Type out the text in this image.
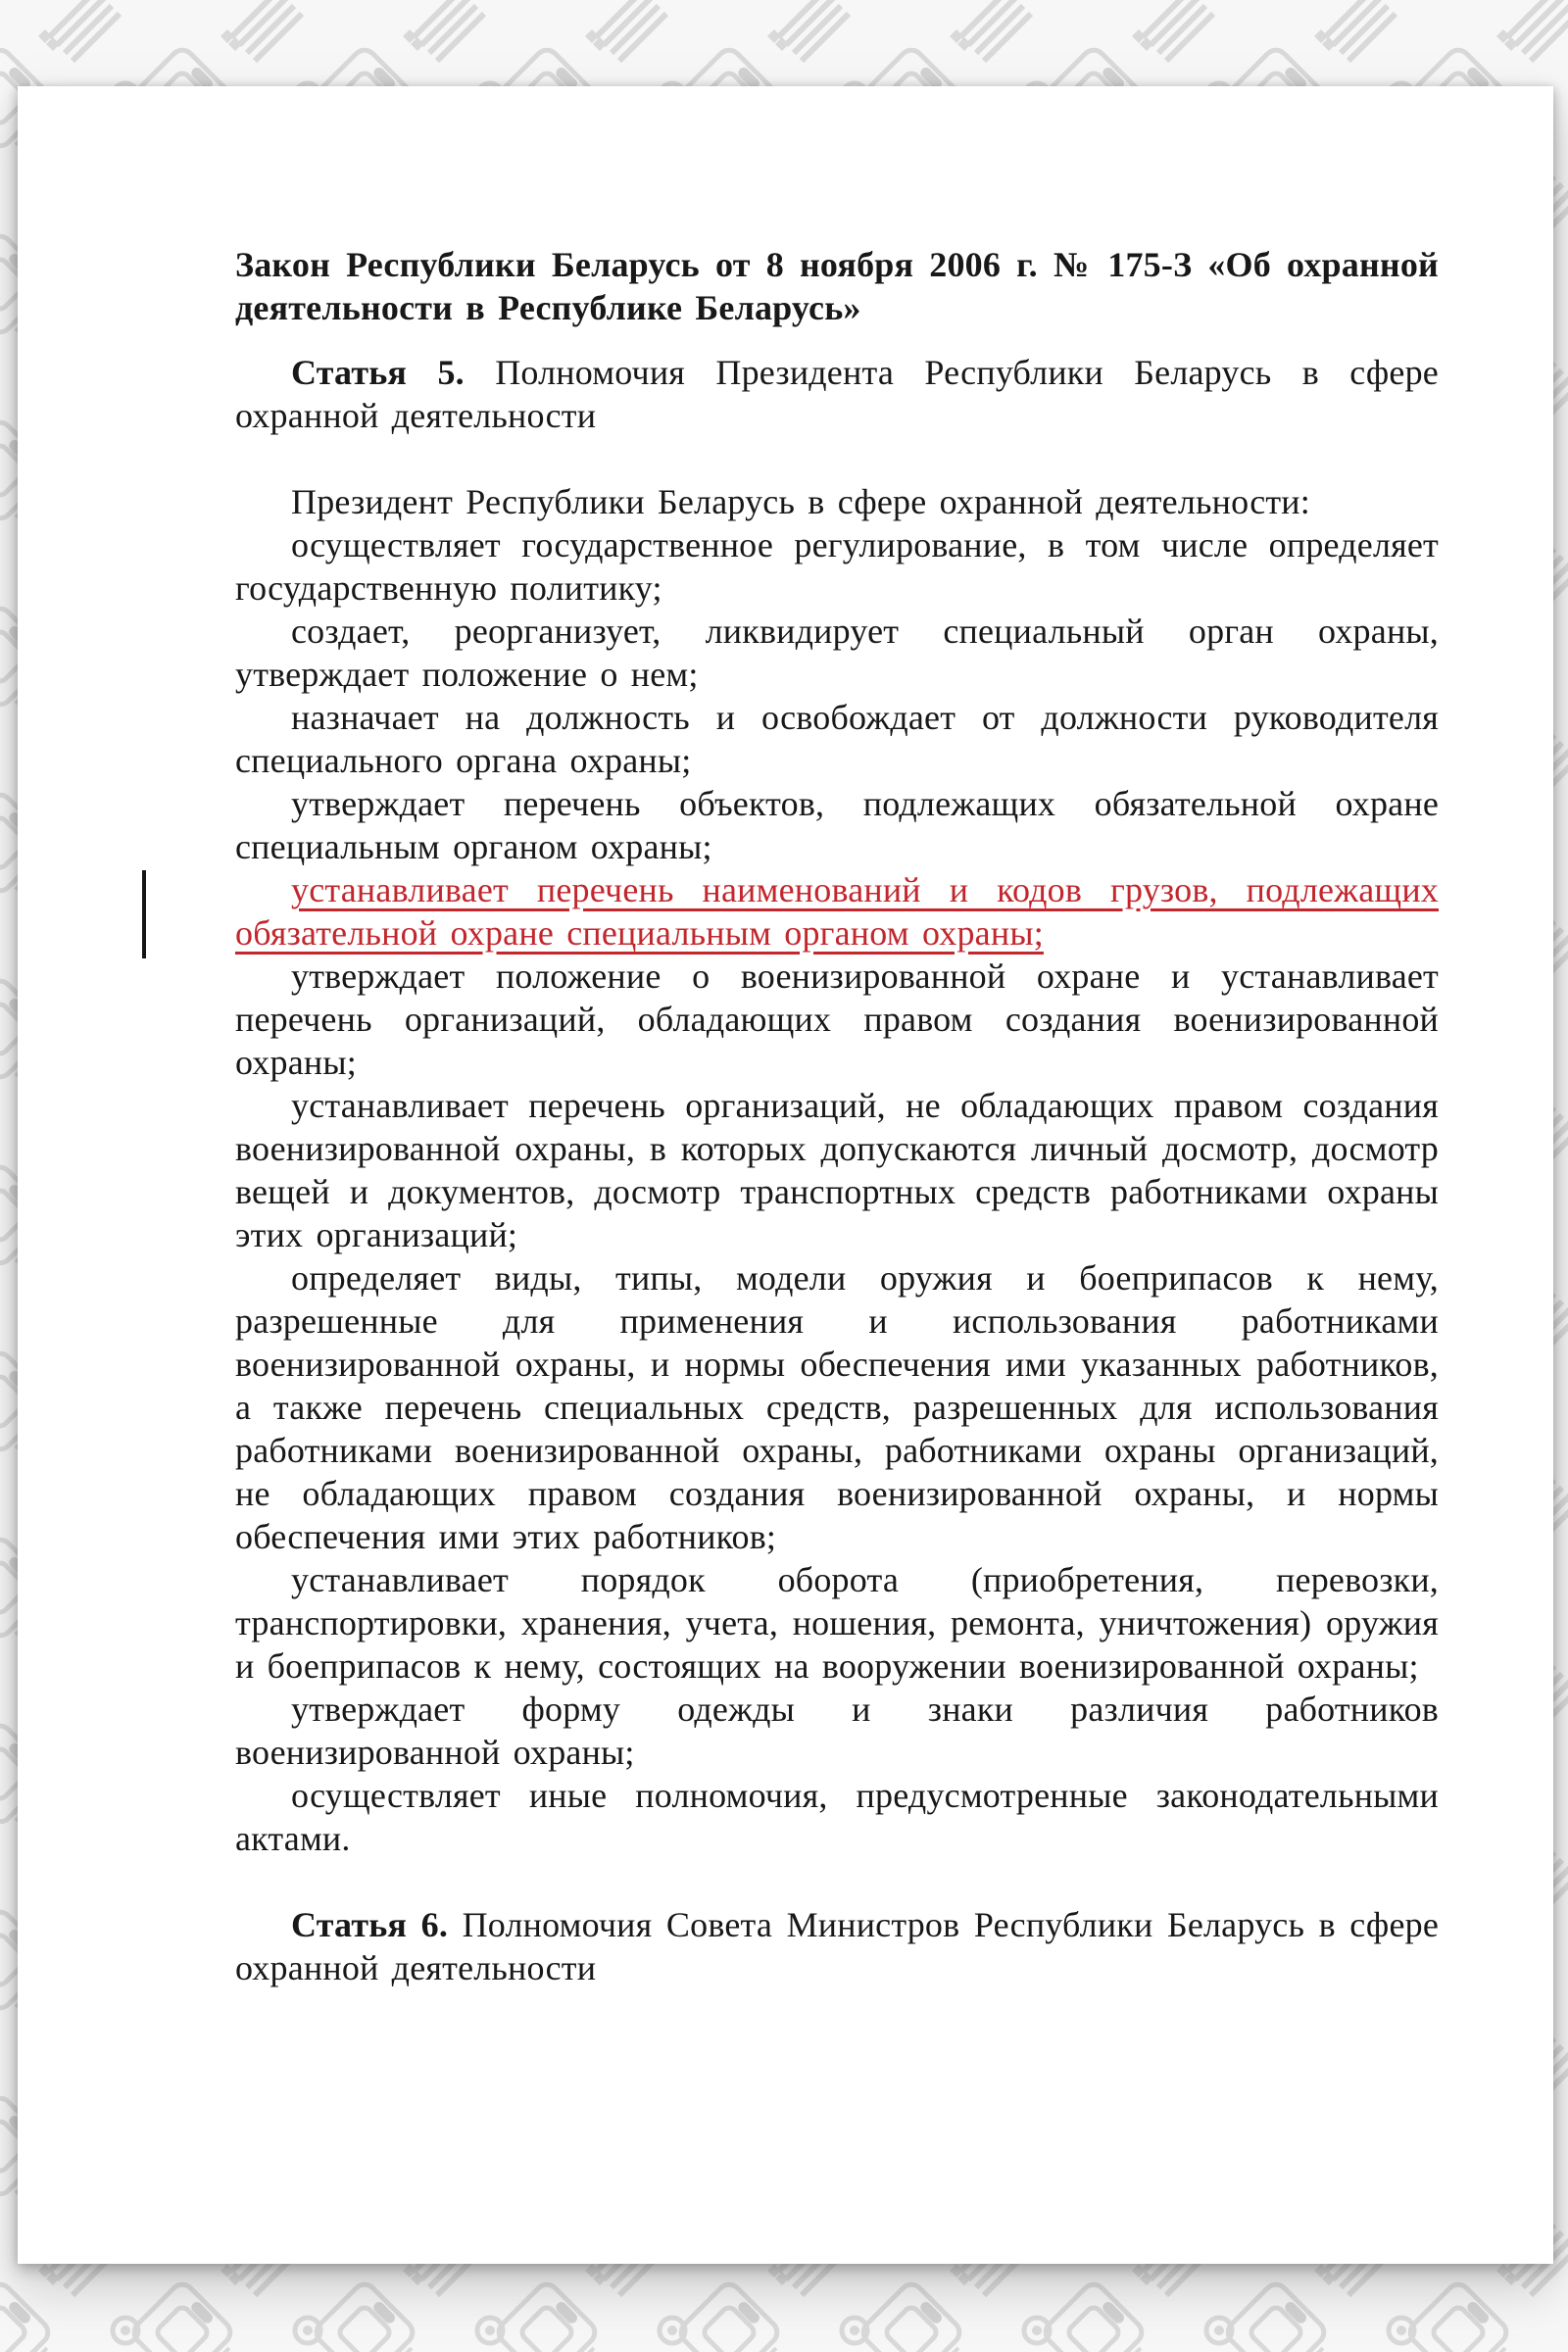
Закон Республики Беларусь от 8 ноября 2006 г. № 175-З «Об охранной деятельности в Республике Беларусь»

Статья 5. Полномочия Президента Республики Беларусь в сфере охранной деятельности

Президент Республики Беларусь в сфере охранной деятельности:

осуществляет государственное регулирование, в том числе определяет государственную политику;

создает, реорганизует, ликвидирует специальный орган охраны, утверждает положение о нем;

назначает на должность и освобождает от должности руководителя специального органа охраны;

утверждает перечень объектов, подлежащих обязательной охране специальным органом охраны;

устанавливает перечень наименований и кодов грузов, подлежащих обязательной охране специальным органом охраны;

утверждает положение о военизированной охране и устанавливает перечень организаций, обладающих правом создания военизированной охраны;

устанавливает перечень организаций, не обладающих правом создания военизированной охраны, в которых допускаются личный досмотр, досмотр вещей и документов, досмотр транспортных средств работниками охраны этих организаций;

определяет виды, типы, модели оружия и боеприпасов к нему, разрешенные для применения и использования работниками военизированной охраны, и нормы обеспечения ими указанных работников, а также перечень специальных средств, разрешенных для использования работниками военизированной охраны, работниками охраны организаций, не обладающих правом создания военизированной охраны, и нормы обеспечения ими этих работников;

устанавливает порядок оборота (приобретения, перевозки, транспортировки, хранения, учета, ношения, ремонта, уничтожения) оружия и боеприпасов к нему, состоящих на вооружении военизированной охраны;

утверждает форму одежды и знаки различия работников военизированной охраны;

осуществляет иные полномочия, предусмотренные законодательными актами.

Статья 6. Полномочия Совета Министров Республики Беларусь в сфере охранной деятельности
